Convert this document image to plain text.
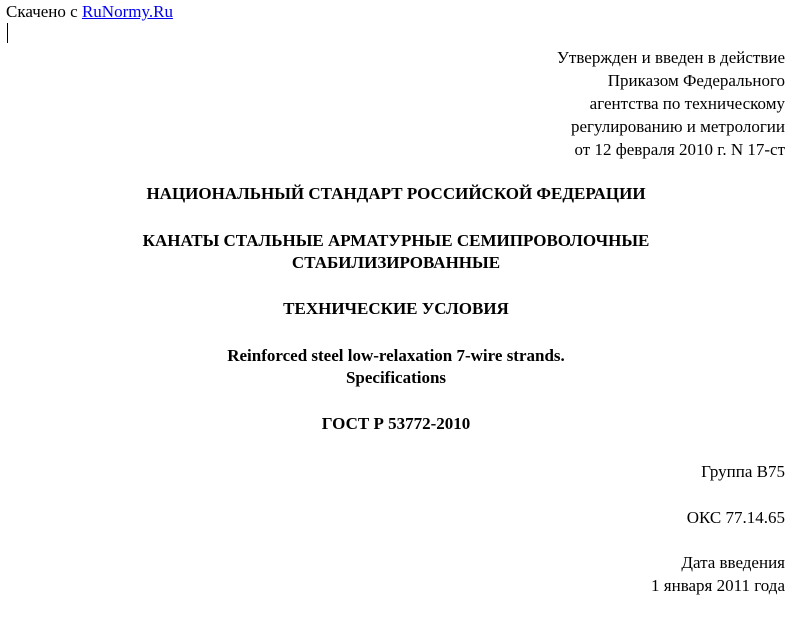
Скачено с RuNormy.Ru
Утвержден и введен в действие
Приказом Федерального
агентства по техническому
регулированию и метрологии
от 12 февраля 2010 г. N 17-ст
НАЦИОНАЛЬНЫЙ СТАНДАРТ РОССИЙСКОЙ ФЕДЕРАЦИИ
КАНАТЫ СТАЛЬНЫЕ АРМАТУРНЫЕ СЕМИПРОВОЛОЧНЫЕ
СТАБИЛИЗИРОВАННЫЕ
ТЕХНИЧЕСКИЕ УСЛОВИЯ
Reinforced steel low-relaxation 7-wire strands.
Specifications
ГОСТ Р 53772-2010
Группа В75
ОКС 77.14.65
Дата введения
1 января 2011 года
